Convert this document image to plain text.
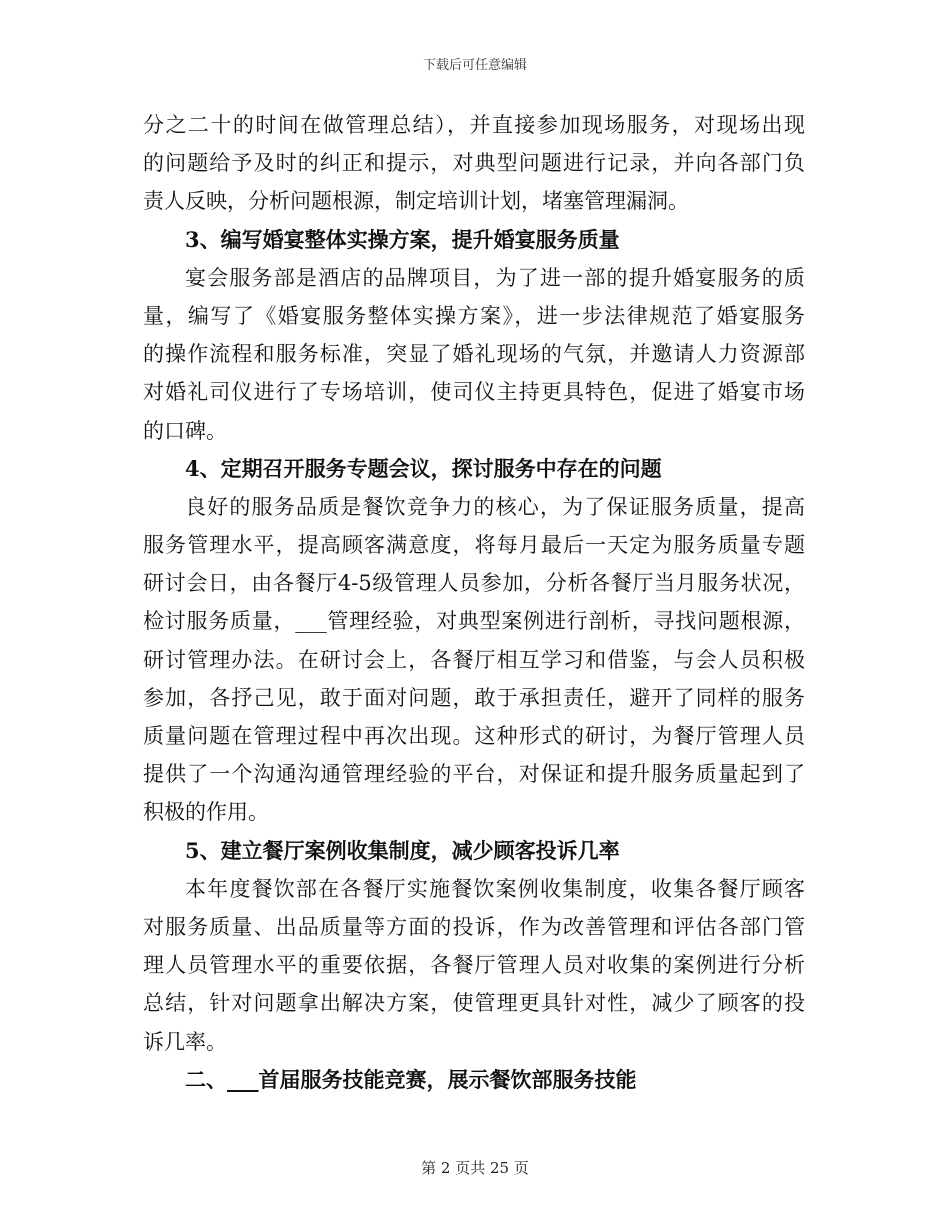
下载后可任意编辑
分之二十的时间在做管理总结），并直接参加现场服务，对现场出现
的问题给予及时的纠正和提示，对典型问题进行记录，并向各部门负
责人反映，分析问题根源，制定培训计划，堵塞管理漏洞。
3、编写婚宴整体实操方案，提升婚宴服务质量
宴会服务部是酒店的品牌项目，为了进一部的提升婚宴服务的质
量，编写了《婚宴服务整体实操方案》，进一步法律规范了婚宴服务
的操作流程和服务标准，突显了婚礼现场的气氛，并邀请人力资源部
对婚礼司仪进行了专场培训，使司仪主持更具特色，促进了婚宴市场
的口碑。
4、定期召开服务专题会议，探讨服务中存在的问题
良好的服务品质是餐饮竞争力的核心，为了保证服务质量，提高
服务管理水平，提高顾客满意度，将每月最后一天定为服务质量专题
研讨会日，由各餐厅4-5级管理人员参加，分析各餐厅当月服务状况，
检讨服务质量，___管理经验，对典型案例进行剖析，寻找问题根源，
研讨管理办法。在研讨会上，各餐厅相互学习和借鉴，与会人员积极
参加，各抒己见，敢于面对问题，敢于承担责任，避开了同样的服务
质量问题在管理过程中再次出现。这种形式的研讨，为餐厅管理人员
提供了一个沟通沟通管理经验的平台，对保证和提升服务质量起到了
积极的作用。
5、建立餐厅案例收集制度，减少顾客投诉几率
本年度餐饮部在各餐厅实施餐饮案例收集制度，收集各餐厅顾客
对服务质量、出品质量等方面的投诉，作为改善管理和评估各部门管
理人员管理水平的重要依据，各餐厅管理人员对收集的案例进行分析
总结，针对问题拿出解决方案，使管理更具针对性，减少了顾客的投
诉几率。
二、___首届服务技能竞赛，展示餐饮部服务技能
第 2 页共 25 页
